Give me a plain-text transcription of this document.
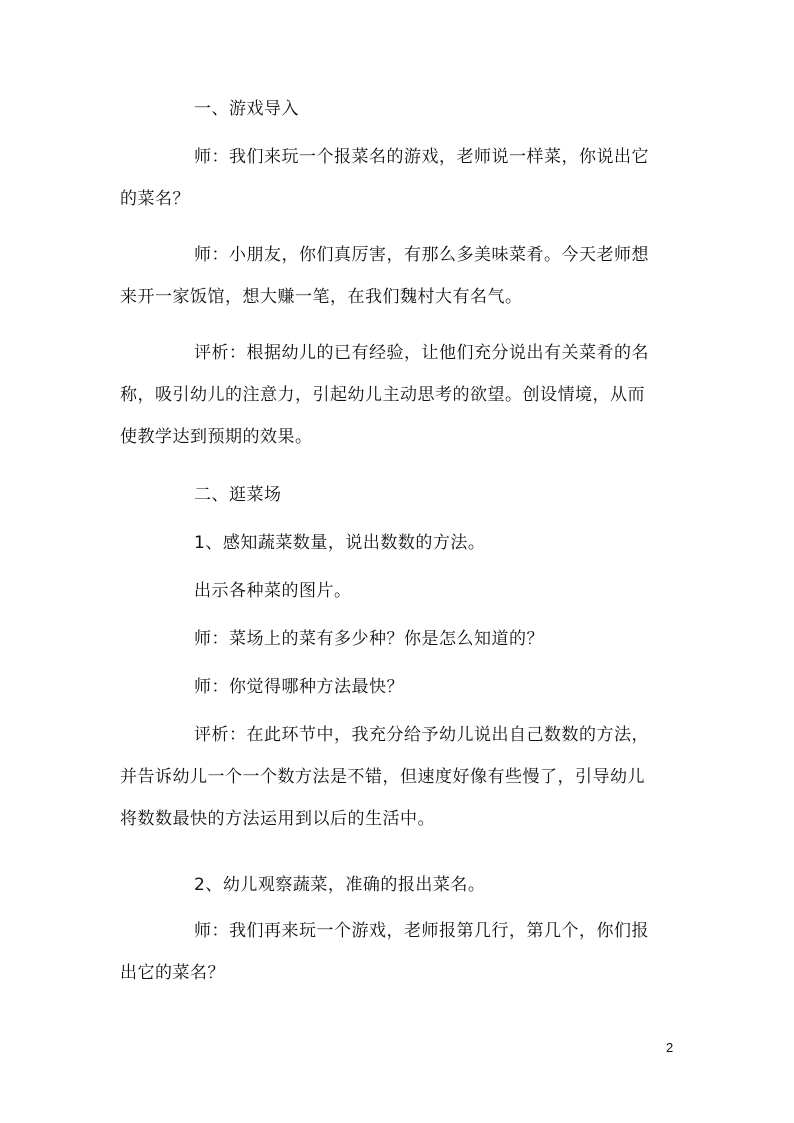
一、游戏导入

师：我们来玩一个报菜名的游戏，老师说一样菜，你说出它
的菜名？

师：小朋友，你们真厉害，有那么多美味菜肴。今天老师想
来开一家饭馆，想大赚一笔，在我们魏村大有名气。

评析：根据幼儿的已有经验，让他们充分说出有关菜肴的名
称，吸引幼儿的注意力，引起幼儿主动思考的欲望。创设情境，从而
使教学达到预期的效果。

二、逛菜场

1、感知蔬菜数量，说出数数的方法。

出示各种菜的图片。

师：菜场上的菜有多少种？你是怎么知道的？

师：你觉得哪种方法最快？

评析：在此环节中，我充分给予幼儿说出自己数数的方法，
并告诉幼儿一个一个数方法是不错，但速度好像有些慢了，引导幼儿
将数数最快的方法运用到以后的生活中。

2、幼儿观察蔬菜，准确的报出菜名。

师：我们再来玩一个游戏，老师报第几行，第几个，你们报
出它的菜名？

2
